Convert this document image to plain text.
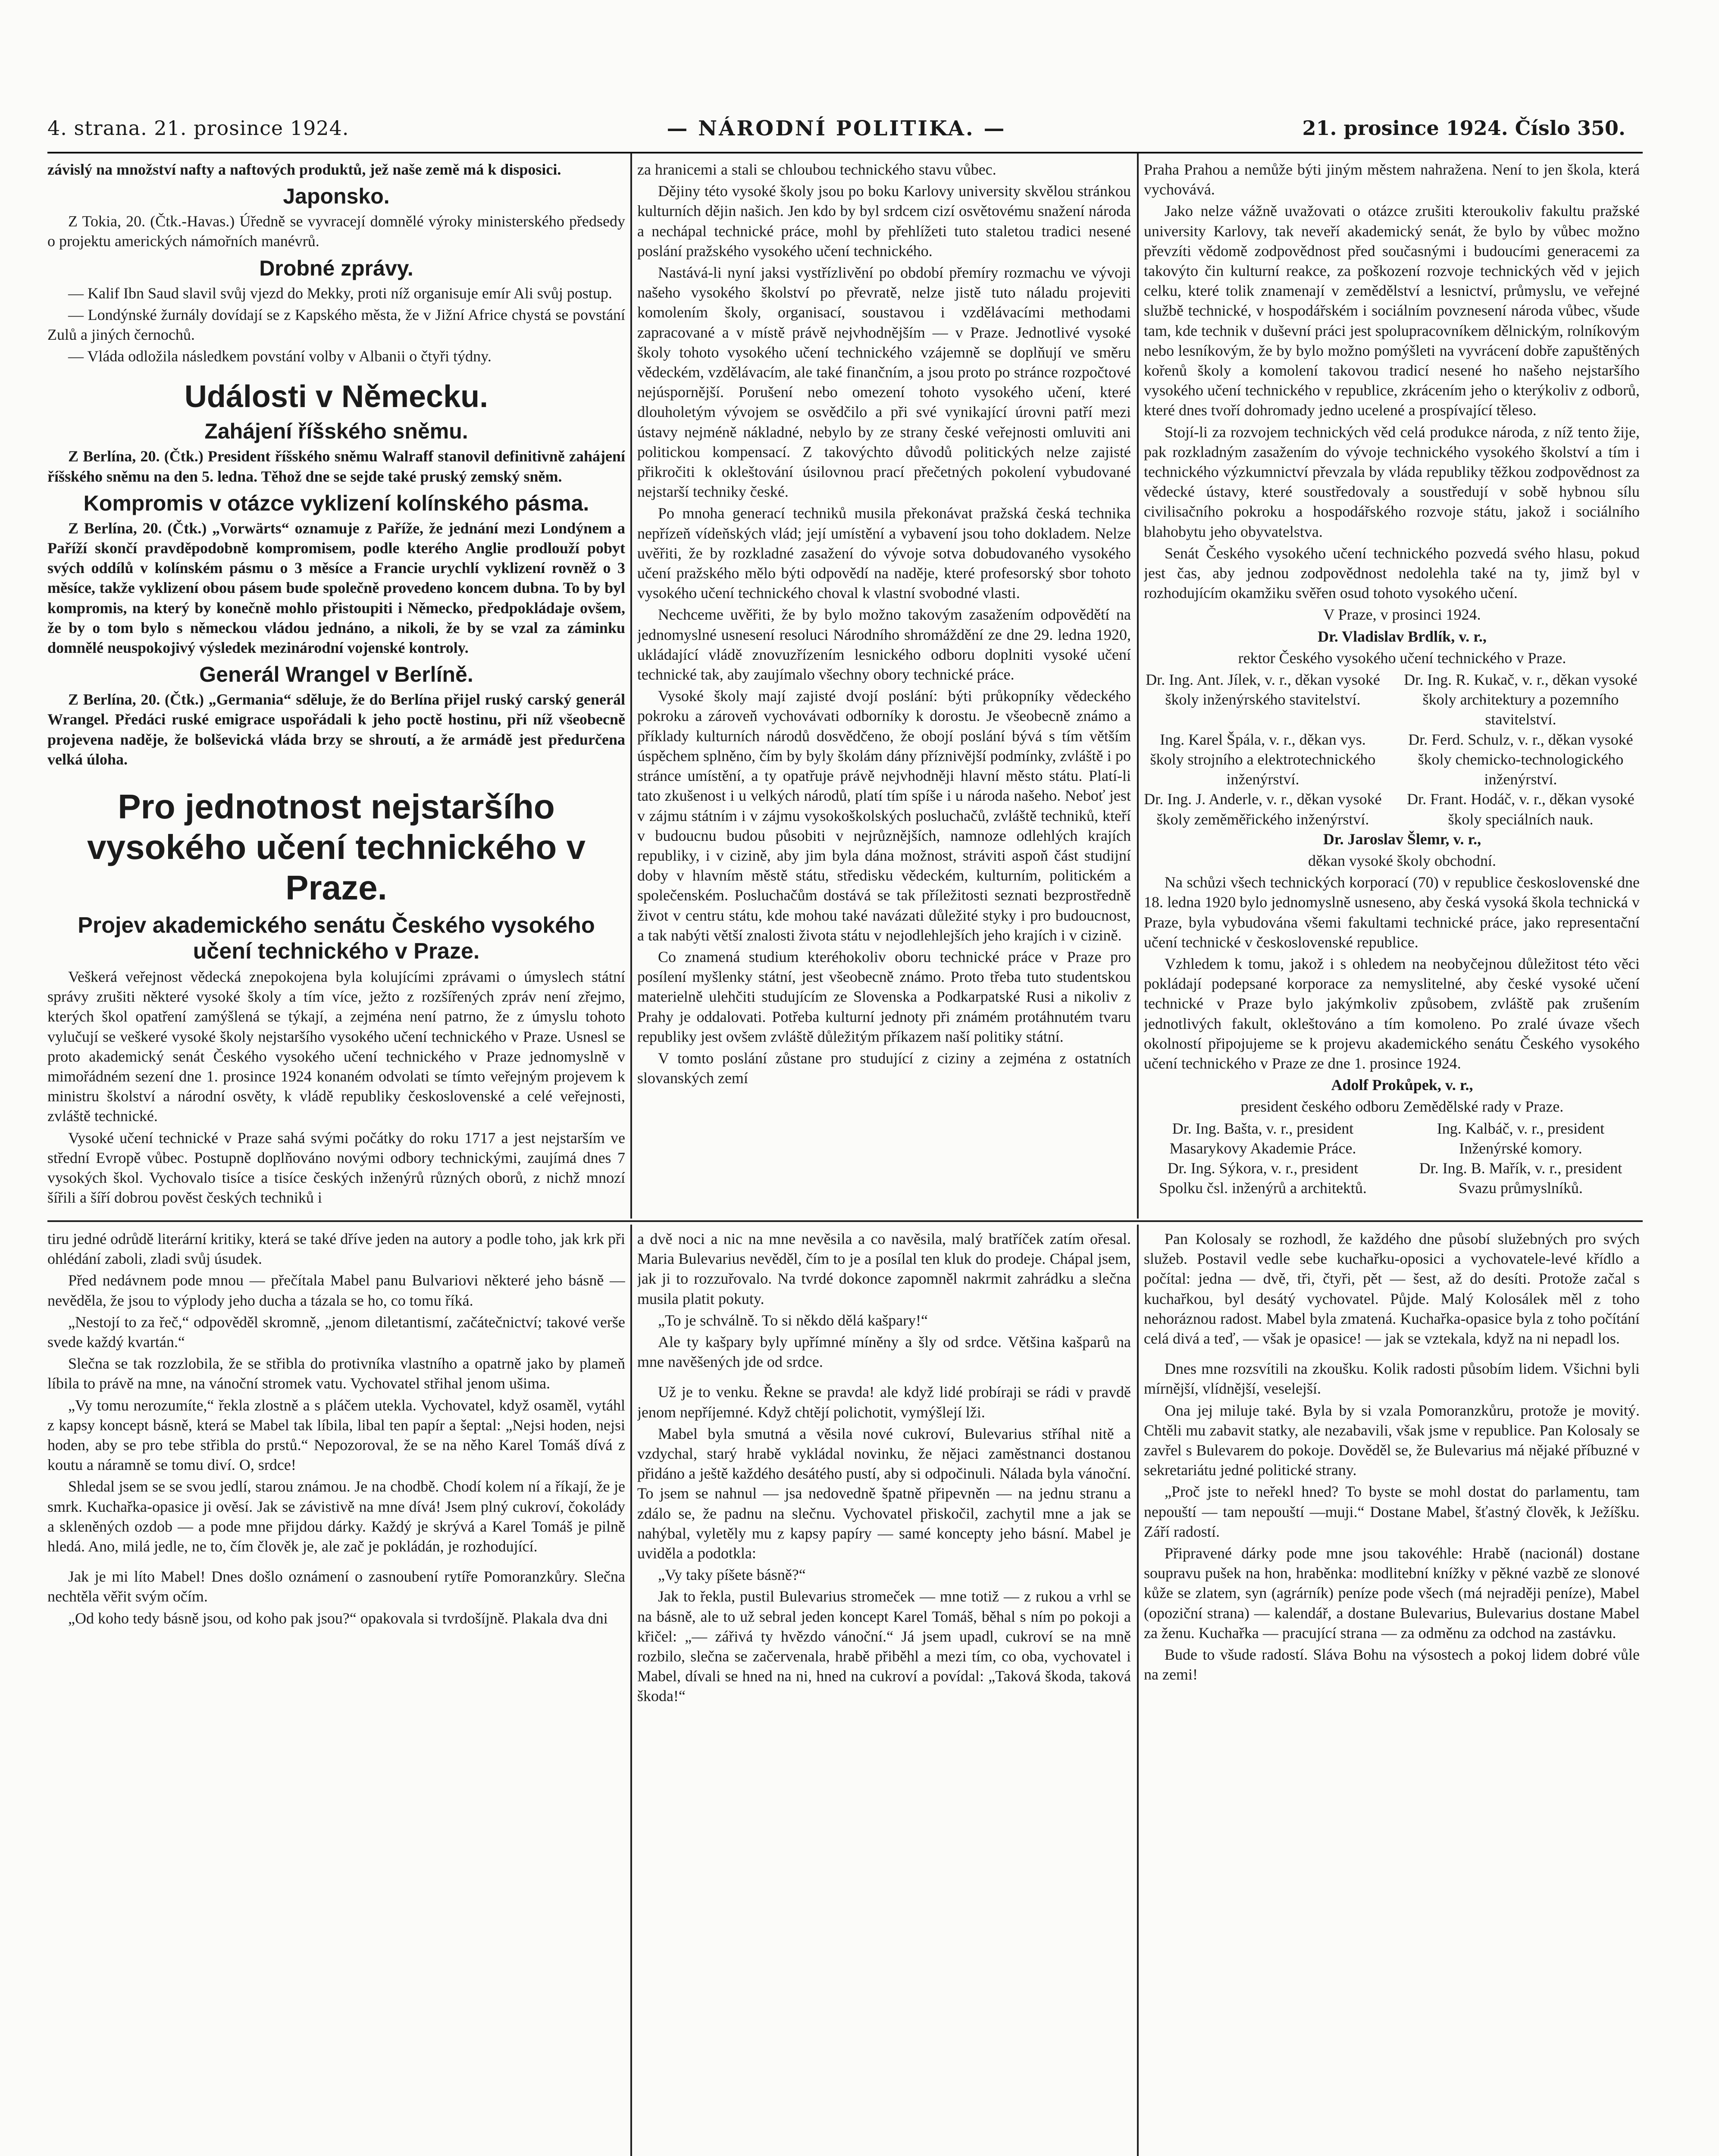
4. strana. 21. prosince 1924.	— NÁRODNÍ POLITIKA. —	21. prosince 1924. Číslo 350.

závislý na množství nafty a naftových produktů, jež naše země má k disposici.

Japonsko.

Z Tokia, 20. (Čtk.-Havas.) Úředně se vyvracejí domnělé výroky ministerského předsedy o projektu amerických námořních manévrů.

Drobné zprávy.

— Kalif Ibn Saud slavil svůj vjezd do Mekky, proti níž organisuje emír Ali svůj postup.

— Londýnské žurnály dovídají se z Kapského města, že v Jižní Africe chystá se povstání Zulů a jiných černochů.

— Vláda odložila následkem povstání volby v Albanii o čtyři týdny.

Události v Německu.
Zahájení říšského sněmu.

Z Berlína, 20. (Čtk.) President říšského sněmu Walraff stanovil definitivně zahájení říšského sněmu na den 5. ledna. Těhož dne se sejde také pruský zemský sněm.

Kompromis v otázce vyklizení kolínského pásma.

Z Berlína, 20. (Čtk.) „Vorwärts“ oznamuje z Paříže, že jednání mezi Londýnem a Paříží skončí pravděpodobně kompromisem, podle kterého Anglie prodlouží pobyt svých oddílů v kolínském pásmu o 3 měsíce a Francie urychlí vyklizení rovněž o 3 měsíce, takže vyklizení obou pásem bude společně provedeno koncem dubna. To by byl kompromis, na který by konečně mohlo přistoupiti i Německo, předpokládaje ovšem, že by o tom bylo s německou vládou jednáno, a nikoli, že by se vzal za záminku domnělé neuspokojivý výsledek mezinárodní vojenské kontroly.

Generál Wrangel v Berlíně.

Z Berlína, 20. (Čtk.) „Germania“ sděluje, že do Berlína přijel ruský carský generál Wrangel. Předáci ruské emigrace uspořádali k jeho poctě hostinu, při níž všeobecně projevena naděje, že bolševická vláda brzy se shroutí, a že armádě jest předurčena velká úloha.

Pro jednotnost nejstaršího vysokého učení technického v Praze.
Projev akademického senátu Českého vysokého učení technického v Praze.

Veškerá veřejnost vědecká znepokojena byla kolujícími zprávami o úmyslech státní správy zrušiti některé vysoké školy a tím více, ježto z rozšířených zpráv není zřejmo, kterých škol opatření zamýšlená se týkají, a zejména není patrno, že z úmyslu tohoto vylučují se veškeré vysoké školy nejstaršího vysokého učení technického v Praze. Usnesl se proto akademický senát Českého vysokého učení technického v Praze jednomyslně v mimořádném sezení dne 1. prosince 1924 konaném odvolati se tímto veřejným projevem k ministru školství a národní osvěty, k vládě republiky československé a celé veřejnosti, zvláště technické.

Vysoké učení technické v Praze sahá svými počátky do roku 1717 a jest nejstarším ve střední Evropě vůbec. Postupně doplňováno novými odbory technickými, zaujímá dnes 7 vysokých škol. Vychovalo tisíce a tisíce českých inženýrů různých oborů, z nichž mnozí šířili a šíří dobrou pověst českých techniků i

za hranicemi a stali se chloubou technického stavu vůbec.

Dějiny této vysoké školy jsou po boku Karlovy university skvělou stránkou kulturních dějin našich. Jen kdo by byl srdcem cizí osvětovému snažení národa a nechápal technické práce, mohl by přehlížeti tuto staletou tradici nesené poslání pražského vysokého učení technického.

Nastává-li nyní jaksi vystřízlivění po období přemíry rozmachu ve vývoji našeho vysokého školství po převratě, nelze jistě tuto náladu projeviti komolením školy, organisací, soustavou i vzdělávacími methodami zapracované a v místě právě nejvhodnějším — v Praze. Jednotlivé vysoké školy tohoto vysokého učení technického vzájemně se doplňují ve směru vědeckém, vzdělávacím, ale také finančním, a jsou proto po stránce rozpočtové nejúspornější. Porušení nebo omezení tohoto vysokého učení, které dlouholetým vývojem se osvědčilo a při své vynikající úrovni patří mezi ústavy nejméně nákladné, nebylo by ze strany české veřejnosti omluviti ani politickou kompensací. Z takovýchto důvodů politických nelze zajisté přikročiti k okleštování úsilovnou prací přečetných pokolení vybudované nejstarší techniky české.

Po mnoha generací techniků musila překonávat pražská česká technika nepřízeň vídeňských vlád; její umístění a vybavení jsou toho dokladem. Nelze uvěřiti, že by rozkladné zasažení do vývoje sotva dobudovaného vysokého učení pražského mělo býti odpovědí na naděje, které profesorský sbor tohoto vysokého učení technického choval k vlastní svobodné vlasti.

Nechceme uvěřiti, že by bylo možno takovým zasažením odpovědětí na jednomyslné usnesení resoluci Národního shromáždění ze dne 29. ledna 1920, ukládající vládě znovuzřízením lesnického odboru doplniti vysoké učení technické tak, aby zaujímalo všechny obory technické práce.

Vysoké školy mají zajisté dvojí poslání: býti průkopníky vědeckého pokroku a zároveň vychovávati odborníky k dorostu. Je všeobecně známo a příklady kulturních národů dosvědčeno, že obojí poslání bývá s tím větším úspěchem splněno, čím by byly školám dány příznivější podmínky, zvláště i po stránce umístění, a ty opatřuje právě nejvhodněji hlavní město státu. Platí-li tato zkušenost i u velkých národů, platí tím spíše i u národa našeho. Neboť jest v zájmu státním i v zájmu vysokoškolských posluchačů, zvláště techniků, kteří v budoucnu budou působiti v nejrůznějších, namnoze odlehlých krajích republiky, i v cizině, aby jim byla dána možnost, stráviti aspoň část studijní doby v hlavním městě státu, středisku vědeckém, kulturním, politickém a společenském. Posluchačům dostává se tak příležitosti seznati bezprostředně život v centru státu, kde mohou také navázati důležité styky i pro budoucnost, a tak nabýti větší znalosti života státu v nejodlehlejších jeho krajích i v cizině.

Co znamená studium kteréhokoliv oboru technické práce v Praze pro posílení myšlenky státní, jest všeobecně známo. Proto třeba tuto studentskou materielně ulehčiti studujícím ze Slovenska a Podkarpatské Rusi a nikoliv z Prahy je oddalovati. Potřeba kulturní jednoty při známém protáhnutém tvaru republiky jest ovšem zvláště důležitým příkazem naší politiky státní.

V tomto poslání zůstane pro studující z ciziny a zejména z ostatních slovanských zemí

Praha Prahou a nemůže býti jiným městem nahražena. Není to jen škola, která vychovává.

Jako nelze vážně uvažovati o otázce zrušiti kteroukoliv fakultu pražské university Karlovy, tak neveří akademický senát, že bylo by vůbec možno převzíti vědomě zodpovědnost před současnými i budoucími generacemi za takovýto čin kulturní reakce, za poškození rozvoje technických věd v jejich celku, které tolik znamenají v zemědělství a lesnictví, průmyslu, ve veřejné službě technické, v hospodářském i sociálním povznesení národa vůbec, všude tam, kde technik v duševní práci jest spolupracovníkem dělnickým, rolníkovým nebo lesníkovým, že by bylo možno pomýšleti na vyvrácení dobře zapuštěných kořenů školy a komolení takovou tradicí nesené ho našeho nejstaršího vysokého učení technického v republice, zkrácením jeho o kterýkoliv z odborů, které dnes tvoří dohromady jedno ucelené a prospívající těleso.

Stojí-li za rozvojem technických věd celá produkce národa, z níž tento žije, pak rozkladným zasažením do vývoje technického vysokého školství a tím i technického výzkumnictví převzala by vláda republiky těžkou zodpovědnost za vědecké ústavy, které soustředovaly a soustředují v sobě hybnou sílu civilisačního pokroku a hospodářského rozvoje státu, jakož i sociálního blahobytu jeho obyvatelstva.

Senát Českého vysokého učení technického pozvedá svého hlasu, pokud jest čas, aby jednou zodpovědnost nedolehla také na ty, jimž byl v rozhodujícím okamžiku svěřen osud tohoto vysokého učení.

V Praze, v prosinci 1924.

Dr. Vladislav Brdlík, v. r.,

rektor Českého vysokého učení technického v Praze.

Dr. Ing. Ant. Jílek, v. r., děkan vysoké školy inženýrského stavitelství.
Dr. Ing. R. Kukač, v. r., děkan vysoké školy architektury a pozemního stavitelství.
Ing. Karel Špála, v. r., děkan vys. školy strojního a elektrotechnického inženýrství.
Dr. Ferd. Schulz, v. r., děkan vysoké školy chemicko-technologického inženýrství.
Dr. Ing. J. Anderle, v. r., děkan vysoké školy zeměměřického inženýrství.
Dr. Frant. Hodáč, v. r., děkan vysoké školy speciálních nauk.

Dr. Jaroslav Šlemr, v. r.,

děkan vysoké školy obchodní.

Na schůzi všech technických korporací (70) v republice československé dne 18. ledna 1920 bylo jednomyslně usneseno, aby česká vysoká škola technická v Praze, byla vybudována všemi fakultami technické práce, jako representační učení technické v československé republice.

Vzhledem k tomu, jakož i s ohledem na neobyčejnou důležitost této věci pokládají podepsané korporace za nemyslitelné, aby české vysoké učení technické v Praze bylo jakýmkoliv způsobem, zvláště pak zrušením jednotlivých fakult, okleštováno a tím komoleno. Po zralé úvaze všech okolností připojujeme se k projevu akademického senátu Českého vysokého učení technického v Praze ze dne 1. prosince 1924.

Adolf Prokůpek, v. r.,

president českého odboru Zemědělské rady v Praze.

Dr. Ing. Bašta, v. r., president Masarykovy Akademie Práce.
Ing. Kalbáč, v. r., president Inženýrské komory.
Dr. Ing. Sýkora, v. r., president Spolku čsl. inženýrů a architektů.
Dr. Ing. B. Mařík, v. r., president Svazu průmyslníků.

tiru jedné odrůdě literární kritiky, která se také dříve jeden na autory a podle toho, jak krk při ohlédání zaboli, zladi svůj úsudek.

Před nedávnem pode mnou — přečítala Mabel panu Bulvariovi některé jeho básně — nevěděla, že jsou to výplody jeho ducha a tázala se ho, co tomu říká.

„Nestojí to za řeč,“ odpověděl skromně, „jenom diletantismí, začátečnictví; takové verše svede každý kvartán.“

Slečna se tak rozzlobila, že se střibla do protivníka vlastního a opatrně jako by plameň líbila to právě na mne, na vánoční stromek vatu. Vychovatel střihal jenom ušima.

„Vy tomu nerozumíte,“ řekla zlostně a s pláčem utekla. Vychovatel, když osaměl, vytáhl z kapsy koncept básně, která se Mabel tak líbila, libal ten papír a šeptal: „Nejsi hoden, nejsi hoden, aby se pro tebe střibla do prstů.“ Nepozoroval, že se na něho Karel Tomáš dívá z koutu a náramně se tomu diví. O, srdce!

Shledal jsem se se svou jedlí, starou známou. Je na chodbě. Chodí kolem ní a říkají, že je smrk. Kuchařka-opasice ji ověsí. Jak se závistivě na mne dívá! Jsem plný cukroví, čokolády a skleněných ozdob — a pode mne přijdou dárky. Každý je skrývá a Karel Tomáš je pilně hledá. Ano, milá jedle, ne to, čím člověk je, ale zač je pokládán, je rozhodující.

Jak je mi líto Mabel! Dnes došlo oznámení o zasnoubení rytíře Pomoranzkůry. Slečna nechtěla věřit svým očím.

„Od koho tedy básně jsou, od koho pak jsou?“ opakovala si tvrdošíjně. Plakala dva dni

a dvě noci a nic na mne nevěsila a co navěsila, malý bratříček zatím ořesal. Maria Bulevarius nevěděl, čím to je a posílal ten kluk do prodeje. Chápal jsem, jak ji to rozzuřovalo. Na tvrdé dokonce zapomněl nakrmit zahrádku a slečna musila platit pokuty.

„To je schválně. To si někdo dělá kašpary!“

Ale ty kašpary byly upřímné míněny a šly od srdce. Většina kašparů na mne navěšených jde od srdce.

Už je to venku. Řekne se pravda! ale když lidé probíraji se rádi v pravdě jenom nepříjemné. Když chtějí polichotit, vymýšlejí lži.

Mabel byla smutná a věsila nové cukroví, Bulevarius stříhal nitě a vzdychal, starý hrabě vykládal novinku, že nějaci zaměstnanci dostanou přidáno a ještě každého desátého pustí, aby si odpočinuli. Nálada byla vánoční. To jsem se nahnul — jsa nedovedně špatně připevněn — na jednu stranu a zdálo se, že padnu na slečnu. Vychovatel přiskočil, zachytil mne a jak se nahýbal, vyletěly mu z kapsy papíry — samé koncepty jeho básní. Mabel je uviděla a podotkla:

„Vy taky píšete básně?“

Jak to řekla, pustil Bulevarius stromeček — mne totiž — z rukou a vrhl se na básně, ale to už sebral jeden koncept Karel Tomáš, běhal s ním po pokoji a křičel: „— zářivá ty hvězdo vánoční.“ Já jsem upadl, cukroví se na mně rozbilo, slečna se začervenala, hrabě přiběhl a mezi tím, co oba, vychovatel i Mabel, dívali se hned na ni, hned na cukroví a povídal: „Taková škoda, taková škoda!“

Pan Kolosaly se rozhodl, že každého dne působí služebných pro svých služeb. Postavil vedle sebe kuchařku-oposici a vychovatele-levé křídlo a počítal: jedna — dvě, tři, čtyři, pět — šest, až do desíti. Protože začal s kuchařkou, byl desátý vychovatel. Půjde. Malý Kolosálek měl z toho nehoráznou radost. Mabel byla zmatená. Kuchařka-opasice byla z toho počítání celá divá a teď, — však je opasice! — jak se vztekala, když na ni nepadl los.

Dnes mne rozsvítili na zkoušku. Kolik radosti působím lidem. Všichni byli mírnější, vlídnější, veselejší.

Ona jej miluje také. Byla by si vzala Pomoranzkůru, protože je movitý. Chtěli mu zabavit statky, ale nezabavili, však jsme v republice. Pan Kolosaly se zavřel s Bulevarem do pokoje. Dověděl se, že Bulevarius má nějaké příbuzné v sekretariátu jedné politické strany.

„Proč jste to neřekl hned? To byste se mohl dostat do parlamentu, tam nepouští — tam nepouští —muji.“ Dostane Mabel, šťastný člověk, k Ježíšku. Září radostí.

Připravené dárky pode mne jsou takovéhle: Hrabě (nacionál) dostane soupravu pušek na hon, hraběnka: modlitební knížky v pěkné vazbě ze slonové kůže se zlatem, syn (agrárník) peníze pode všech (má nejraději peníze), Mabel (opoziční strana) — kalendář, a dostane Bulevarius, Bulevarius dostane Mabel za ženu. Kuchařka — pracující strana — za odměnu za odchod na zastávku.

Bude to všude radostí. Sláva Bohu na výsostech a pokoj lidem dobré vůle na zemi!
